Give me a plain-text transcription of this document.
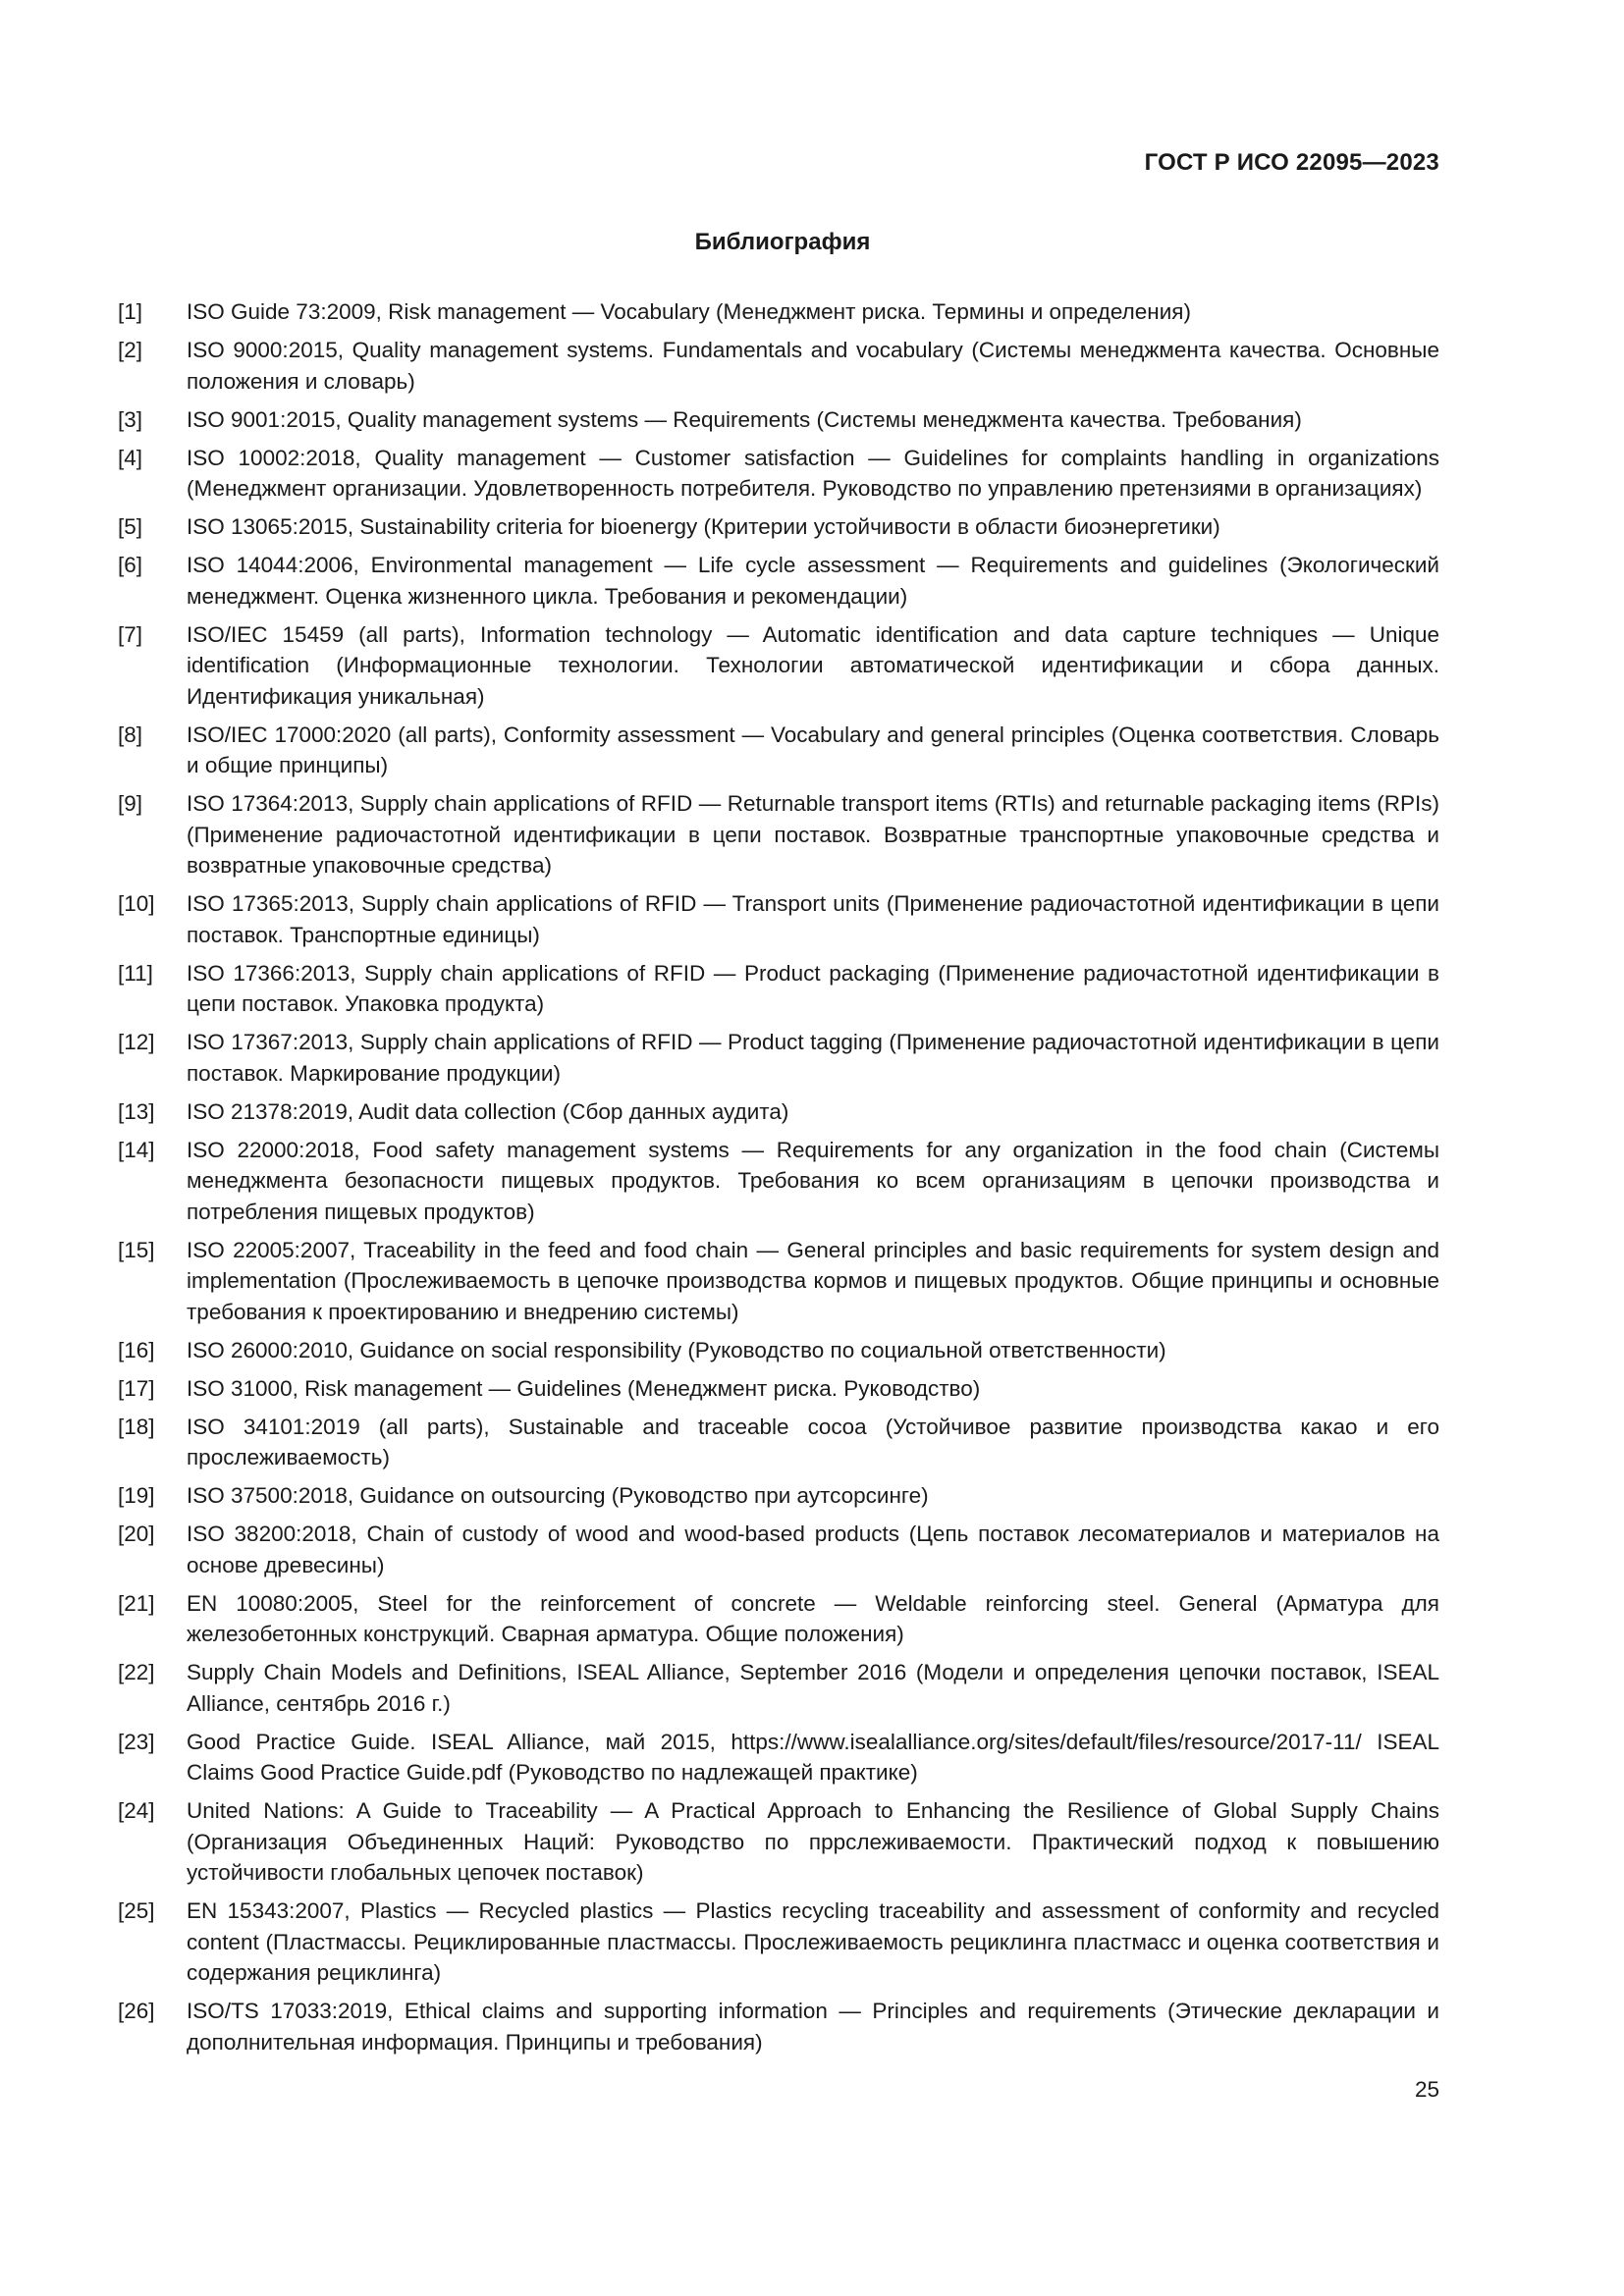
ГОСТ Р ИСО 22095—2023
Библиография
[1]	ISO Guide 73:2009, Risk management — Vocabulary (Менеджмент риска. Термины и определения)
[2]	ISO 9000:2015, Quality management systems. Fundamentals and vocabulary (Системы менеджмента качества. Основные положения и словарь)
[3]	ISO 9001:2015, Quality management systems — Requirements (Системы менеджмента качества. Требования)
[4]	ISO 10002:2018, Quality management — Customer satisfaction — Guidelines for complaints handling in organizations (Менеджмент организации. Удовлетворенность потребителя. Руководство по управлению претензиями в организациях)
[5]	ISO 13065:2015, Sustainability criteria for bioenergy (Критерии устойчивости в области биоэнергетики)
[6]	ISO 14044:2006, Environmental management — Life cycle assessment — Requirements and guidelines (Экологический менеджмент. Оценка жизненного цикла. Требования и рекомендации)
[7]	ISO/IEC 15459 (all parts), Information technology — Automatic identification and data capture techniques — Unique identification (Информационные технологии. Технологии автоматической идентификации и сбора данных. Идентификация уникальная)
[8]	ISO/IEC 17000:2020 (all parts), Conformity assessment — Vocabulary and general principles (Оценка соответствия. Словарь и общие принципы)
[9]	ISO 17364:2013, Supply chain applications of RFID — Returnable transport items (RTIs) and returnable packaging items (RPIs) (Применение радиочастотной идентификации в цепи поставок. Возвратные транспортные упаковочные средства и возвратные упаковочные средства)
[10]	ISO 17365:2013, Supply chain applications of RFID — Transport units (Применение радиочастотной идентификации в цепи поставок. Транспортные единицы)
[11]	ISO 17366:2013, Supply chain applications of RFID — Product packaging (Применение радиочастотной идентификации в цепи поставок. Упаковка продукта)
[12]	ISO 17367:2013, Supply chain applications of RFID — Product tagging (Применение радиочастотной идентификации в цепи поставок. Маркирование продукции)
[13]	ISO 21378:2019, Audit data collection (Сбор данных аудита)
[14]	ISO 22000:2018, Food safety management systems — Requirements for any organization in the food chain (Системы менеджмента безопасности пищевых продуктов. Требования ко всем организациям в цепочки производства и потребления пищевых продуктов)
[15]	ISO 22005:2007, Traceability in the feed and food chain — General principles and basic requirements for system design and implementation (Прослеживаемость в цепочке производства кормов и пищевых продуктов. Общие принципы и основные требования к проектированию и внедрению системы)
[16]	ISO 26000:2010, Guidance on social responsibility (Руководство по социальной ответственности)
[17]	ISO 31000, Risk management — Guidelines (Менеджмент риска. Руководство)
[18]	ISO 34101:2019 (all parts), Sustainable and traceable cocoa (Устойчивое развитие производства какао и его прослеживаемость)
[19]	ISO 37500:2018, Guidance on outsourcing (Руководство при аутсорсинге)
[20]	ISO 38200:2018, Chain of custody of wood and wood-based products (Цепь поставок лесоматериалов и материалов на основе древесины)
[21]	EN 10080:2005, Steel for the reinforcement of concrete — Weldable reinforcing steel. General (Арматура для железобетонных конструкций. Сварная арматура. Общие положения)
[22]	Supply Chain Models and Definitions, ISEAL Alliance, September 2016 (Модели и определения цепочки поставок, ISEAL Alliance, сентябрь 2016 г.)
[23]	Good Practice Guide. ISEAL Alliance, май 2015, https://www.isealalliance.org/sites/default/files/resource/2017-11/ ISEAL Claims Good Practice Guide.pdf (Руководство по надлежащей практике)
[24]	United Nations: A Guide to Traceability — A Practical Approach to Enhancing the Resilience of Global Supply Chains (Организация Объединенных Наций: Руководство по пррслеживаемости. Практический подход к повышению устойчивости глобальных цепочек поставок)
[25]	EN 15343:2007, Plastics — Recycled plastics — Plastics recycling traceability and assessment of conformity and recycled content (Пластмассы. Рециклированные пластмассы. Прослеживаемость рециклинга пластмасс и оценка соответствия и содержания рециклинга)
[26]	ISO/TS 17033:2019, Ethical claims and supporting information — Principles and requirements (Этические декларации и дополнительная информация. Принципы и требования)
25
